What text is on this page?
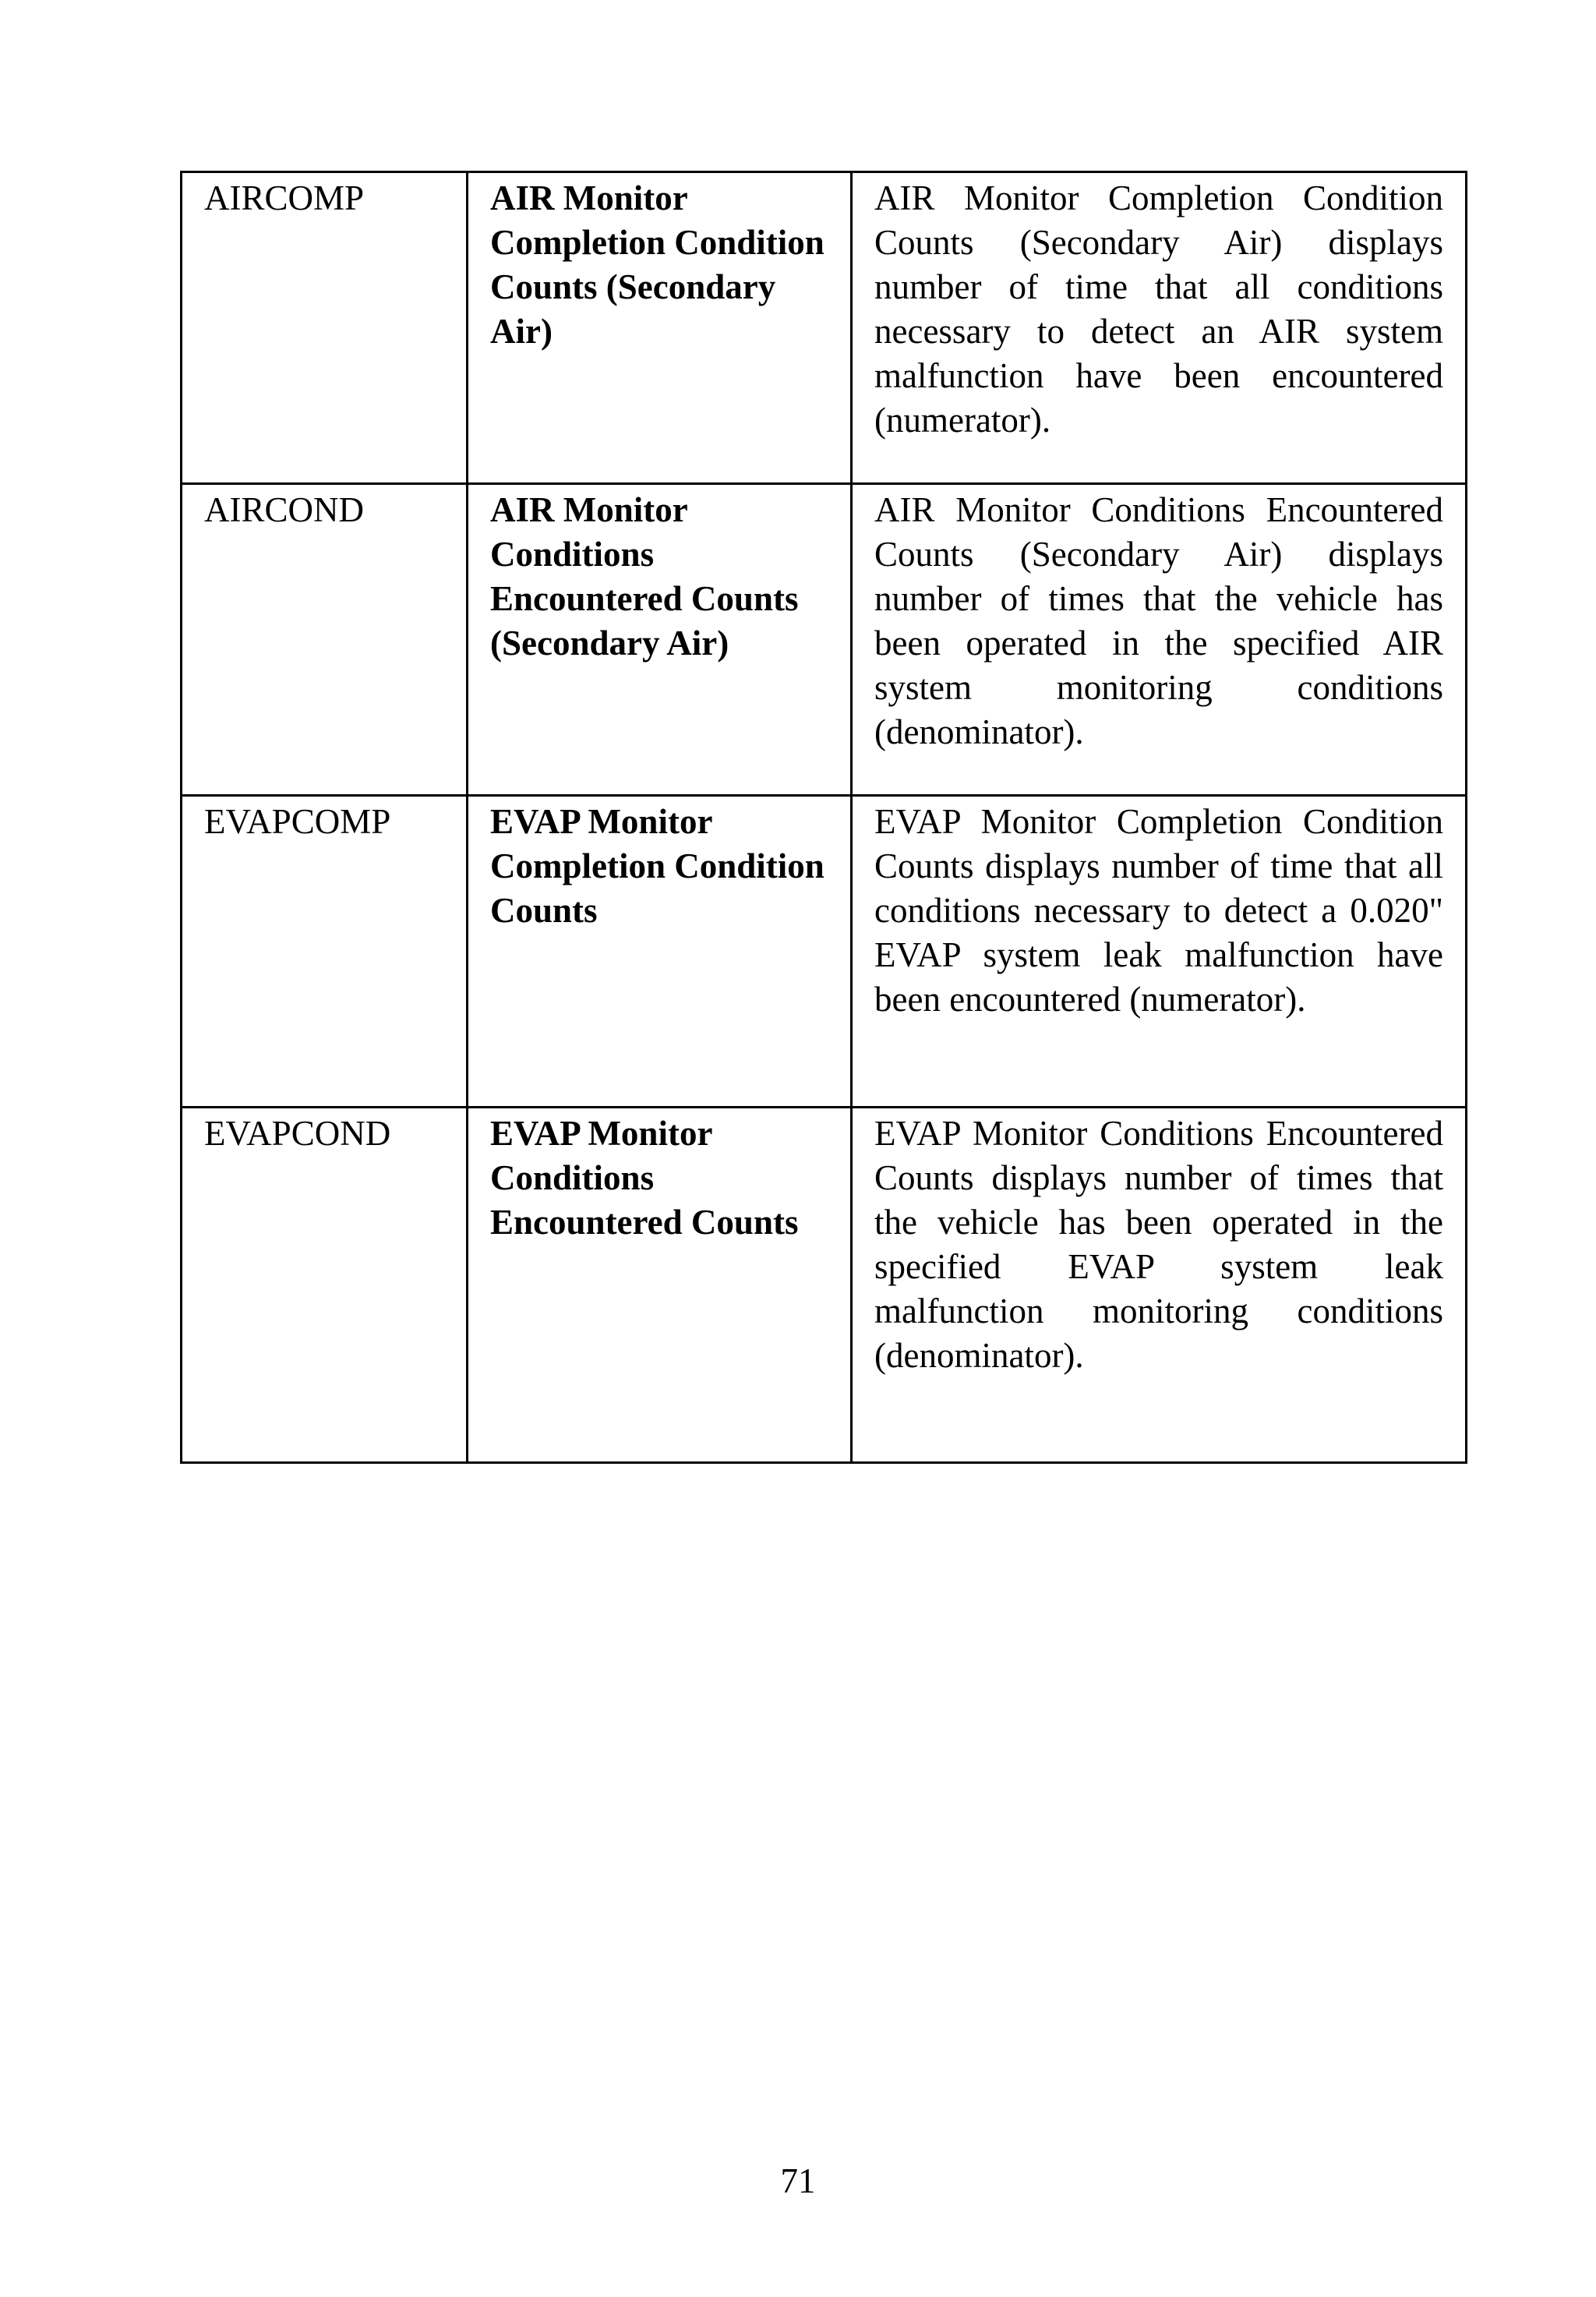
AIRCOMP	AIR Monitor Completion Condition Counts (Secondary Air)	AIR Monitor Completion Condition Counts (Secondary Air) displays number of time that all conditions necessary to detect an AIR system malfunction have been encountered (numerator).
AIRCOND	AIR Monitor Conditions Encountered Counts (Secondary Air)	AIR Monitor Conditions Encountered Counts (Secondary Air) displays number of times that the vehicle has been operated in the specified AIR system monitoring conditions (denominator).
EVAPCOMP	EVAP Monitor Completion Condition Counts	EVAP Monitor Completion Condition Counts displays number of time that all conditions necessary to detect a 0.020" EVAP system leak malfunction have been encountered (numerator).
EVAPCOND	EVAP Monitor Conditions Encountered Counts	EVAP Monitor Conditions Encountered Counts displays number of times that the vehicle has been operated in the specified EVAP system leak malfunction monitoring conditions (denominator).
71
